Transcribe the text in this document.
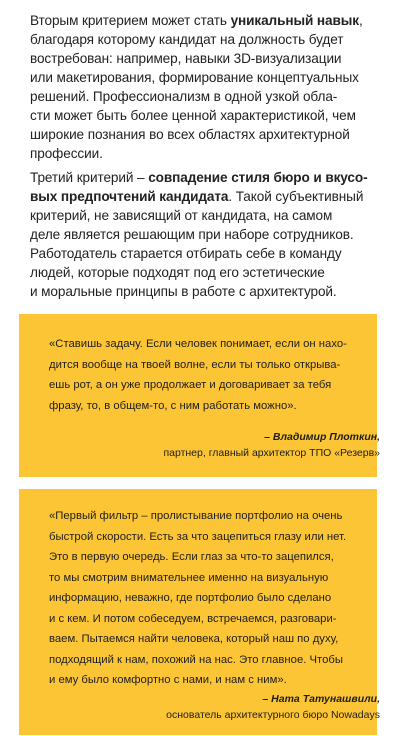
Вторым критерием может стать уникальный навык,
благодаря которому кандидат на должность будет
востребован: например, навыки 3D-визуализации
или макетирования, формирование концептуальных
решений. Профессионализм в одной узкой обла-
сти может быть более ценной характеристикой, чем
широкие познания во всех областях архитектурной
профессии.
Третий критерий – совпадение стиля бюро и вкусо-
вых предпочтений кандидата. Такой субъективный
критерий, не зависящий от кандидата, на самом
деле является решающим при наборе сотрудников.
Работодатель старается отбирать себе в команду
людей, которые подходят под его эстетические
и моральные принципы в работе с архитектурой.
«Ставишь задачу. Если человек понимает, если он нахо-
дится вообще на твоей волне, если ты только открыва-
ешь рот, а он уже продолжает и договаривает за тебя
фразу, то, в общем-то, с ним работать можно».
– Владимир Плоткин,
партнер, главный архитектор ТПО «Резерв»
«Первый фильтр – пролистывание портфолио на очень
быстрой скорости. Есть за что зацепиться глазу или нет.
Это в первую очередь. Если глаз за что-то зацепился,
то мы смотрим внимательнее именно на визуальную
информацию, неважно, где портфолио было сделано
и с кем. И потом собеседуем, встречаемся, разговари-
ваем. Пытаемся найти человека, который наш по духу,
подходящий к нам, похожий на нас. Это главное. Чтобы
и ему было комфортно с нами, и нам с ним».
– Ната Татунашвили,
основатель архитектурного бюро Nowadays
